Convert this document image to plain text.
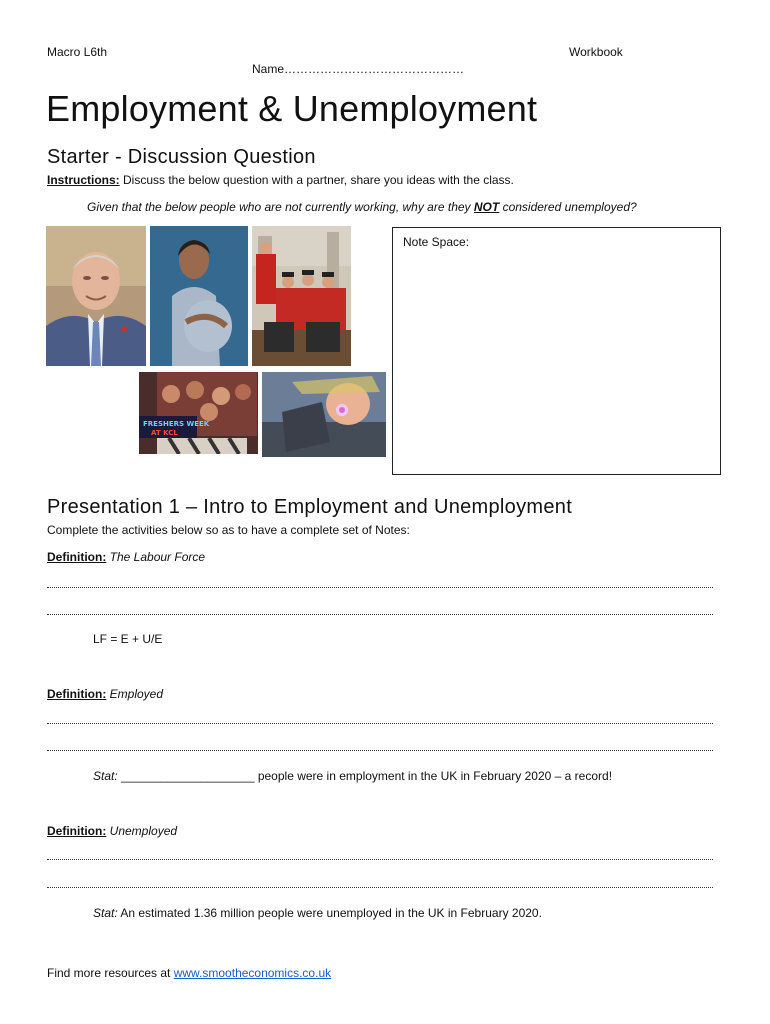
Macro L6th	Workbook
Name………………………………………
Employment & Unemployment
Starter - Discussion Question
Instructions: Discuss the below question with a partner, share you ideas with the class.
Given that the below people who are not currently working, why are they NOT considered unemployed?
FRESHERS WEEK
AT KCL
Note Space:
Presentation 1 – Intro to Employment and Unemployment
Complete the activities below so as to have a complete set of Notes:
Definition: The Labour Force
LF = E + U/E
Definition: Employed
Stat: ____________________ people were in employment in the UK in February 2020 – a record!
Definition: Unemployed
Stat: An estimated 1.36 million people were unemployed in the UK in February 2020.
Find more resources at www.smootheconomics.co.uk
